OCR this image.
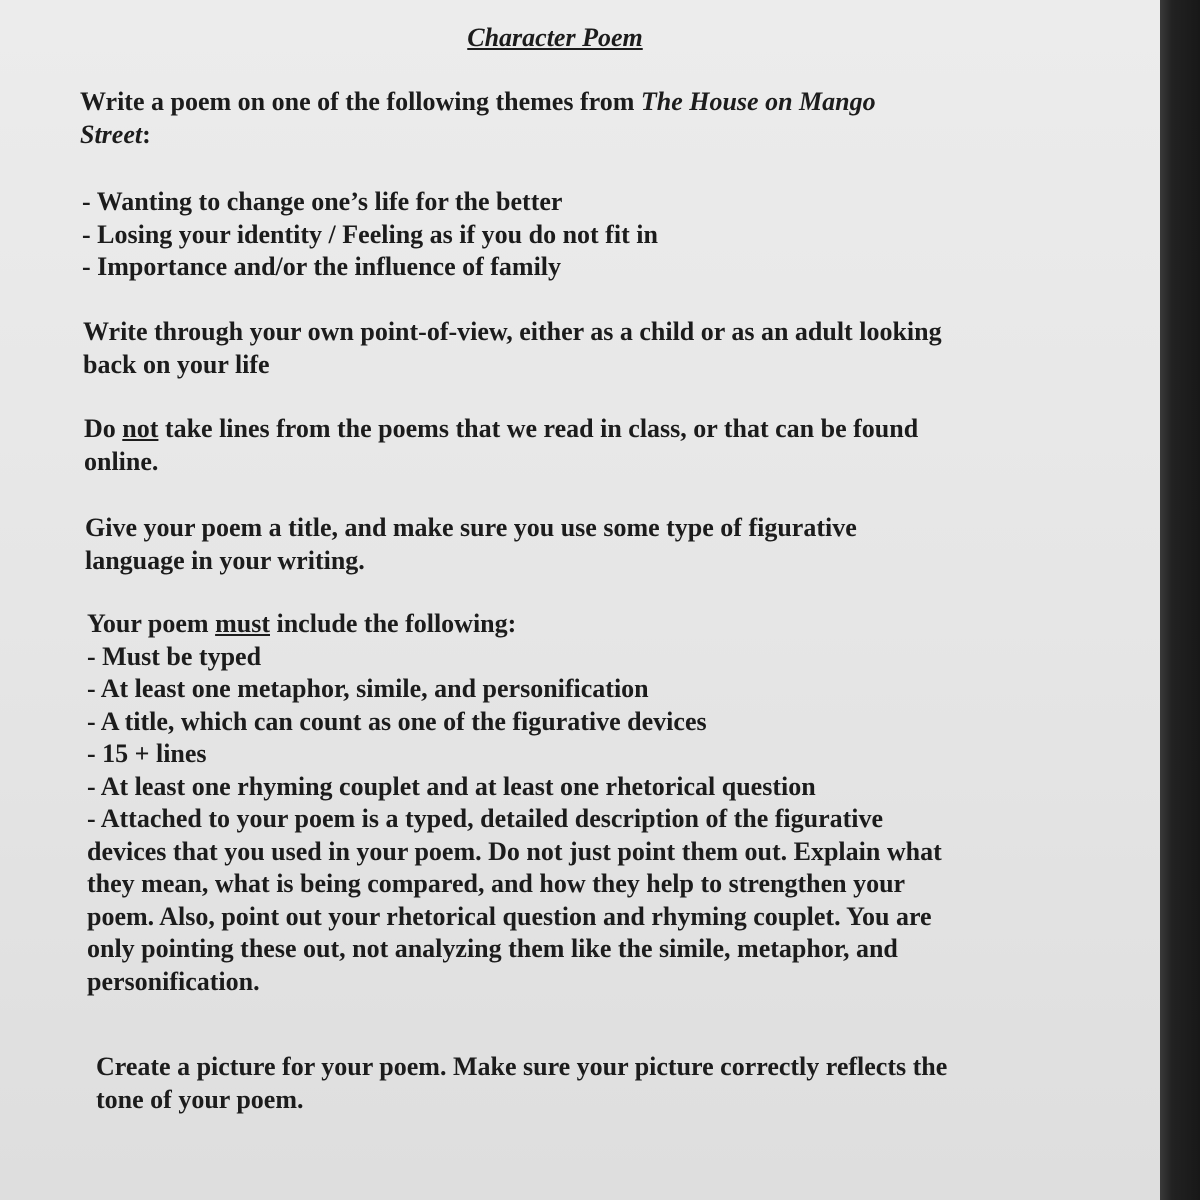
Character Poem

Write a poem on one of the following themes from The House on Mango
Street:

- Wanting to change one’s life for the better
- Losing your identity / Feeling as if you do not fit in
- Importance and/or the influence of family

Write through your own point-of-view, either as a child or as an adult looking
back on your life

Do not take lines from the poems that we read in class, or that can be found
online.

Give your poem a title, and make sure you use some type of figurative
language in your writing.

Your poem must include the following:
- Must be typed
- At least one metaphor, simile, and personification
- A title, which can count as one of the figurative devices
- 15 + lines
- At least one rhyming couplet and at least one rhetorical question
- Attached to your poem is a typed, detailed description of the figurative
devices that you used in your poem. Do not just point them out. Explain what
they mean, what is being compared, and how they help to strengthen your
poem. Also, point out your rhetorical question and rhyming couplet. You are
only pointing these out, not analyzing them like the simile, metaphor, and
personification.

Create a picture for your poem. Make sure your picture correctly reflects the
tone of your poem.
